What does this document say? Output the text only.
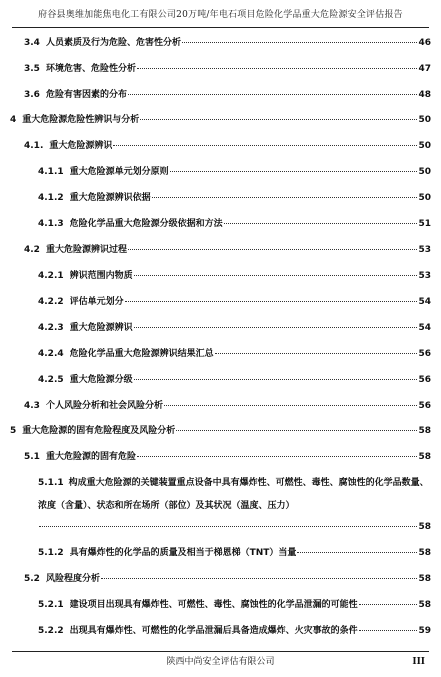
府谷县奥维加能焦电化工有限公司20万吨/年电石项目危险化学品重大危险源安全评估报告
3.4 人员素质及行为危险、危害性分析	46
3.5 环境危害、危险性分析	47
3.6 危险有害因素的分布	48
4 重大危险源危险性辨识与分析	50
4.1. 重大危险源辨识	50
4.1.1 重大危险源单元划分原则	50
4.1.2 重大危险源辨识依据	50
4.1.3 危险化学品重大危险源分级依据和方法	51
4.2 重大危险源辨识过程	53
4.2.1 辨识范围内物质	53
4.2.2 评估单元划分	54
4.2.3 重大危险源辨识	54
4.2.4 危险化学品重大危险源辨识结果汇总	56
4.2.5 重大危险源分级	56
4.3 个人风险分析和社会风险分析	56
5 重大危险源的固有危险程度及风险分析	58
5.1 重大危险源的固有危险	58
5.1.1 构成重大危险源的关键装置重点设备中具有爆炸性、可燃性、毒性、腐蚀性的化学品数量、浓度（含量）、状态和所在场所（部位）及其状况（温度、压力）
58
5.1.2 具有爆炸性的化学品的质量及相当于梯恩梯（TNT）当量	58
5.2 风险程度分析	58
5.2.1 建设项目出现具有爆炸性、可燃性、毒性、腐蚀性的化学品泄漏的可能性	58
5.2.2 出现具有爆炸性、可燃性的化学品泄漏后具备造成爆炸、火灾事故的条件	59
陕西中尚安全评估有限公司	III
